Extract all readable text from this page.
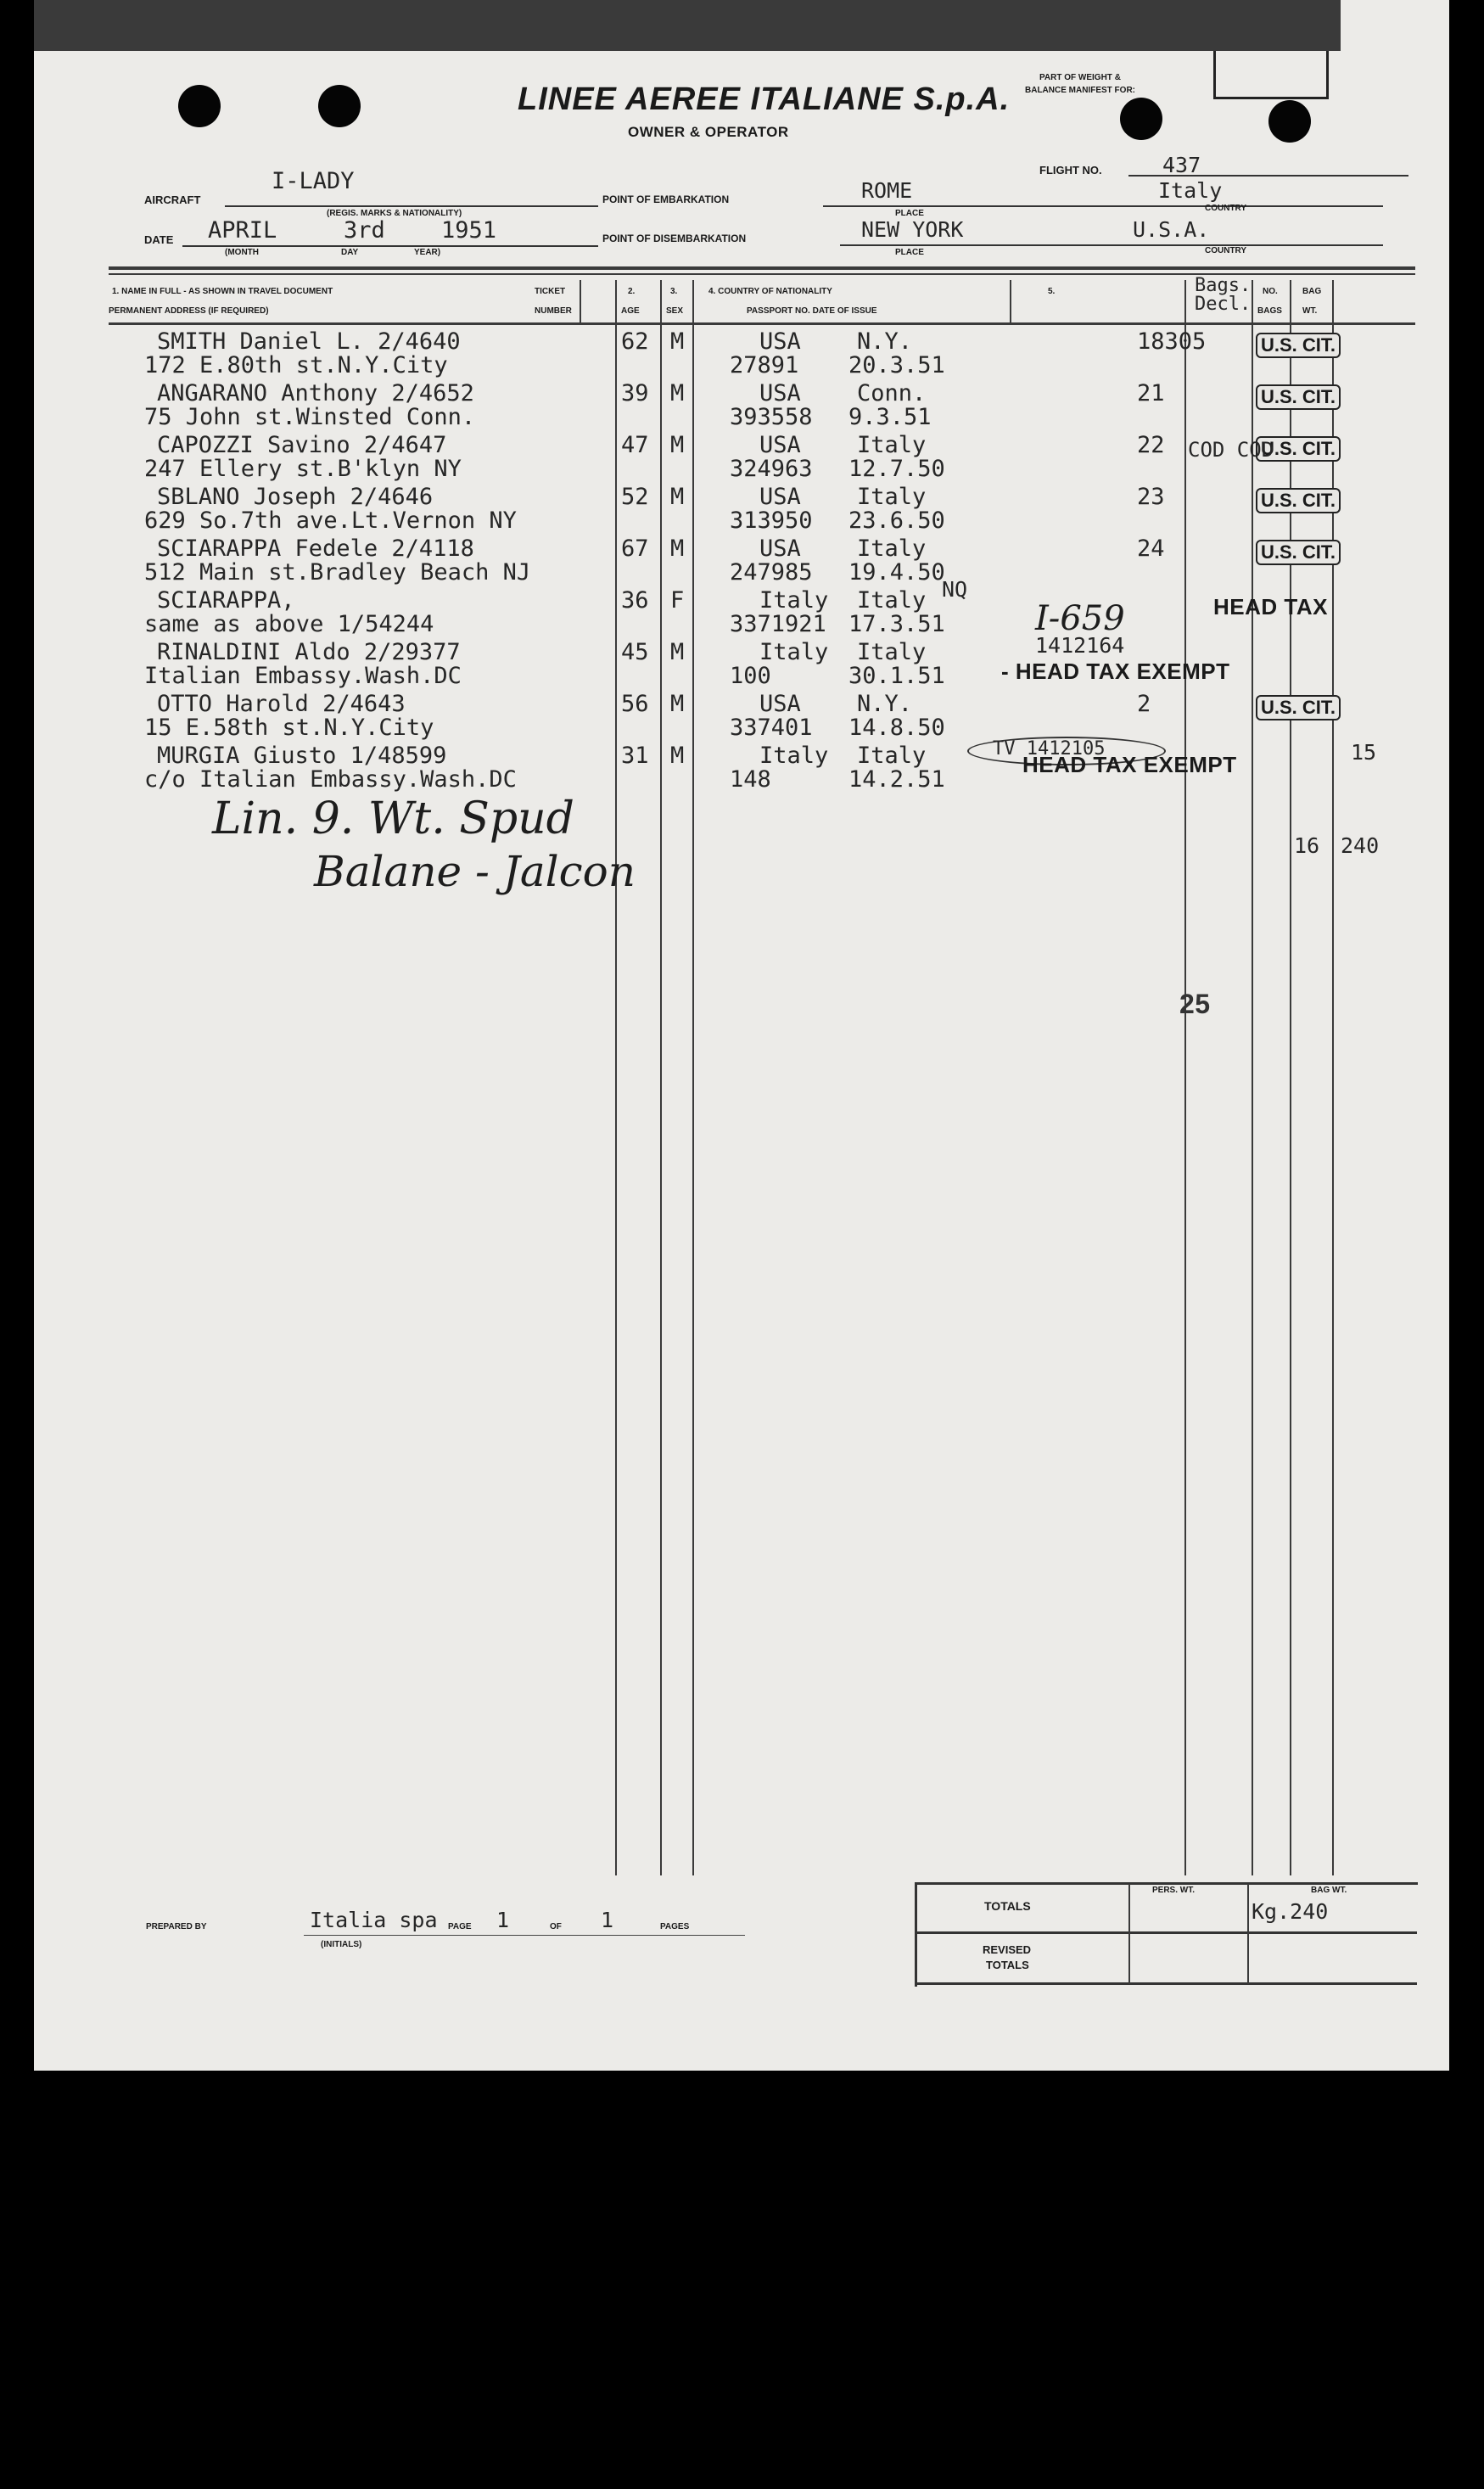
LINEE AEREE ITALIANE S.p.A.
OWNER & OPERATOR
PART OF WEIGHT &
BALANCE MANIFEST FOR:
AIRCRAFT
I-LADY
(REGIS. MARKS & NATIONALITY)
DATE APRIL	3rd 1951
(MONTH	DAY	YEAR)
POINT OF EMBARKATION	ROME	Italy
PLACE
COUNTRY
POINT OF DISEMBARKATION	NEW YORK	U.S.A.
PLACE	COUNTRY
FLIGHT NO.	437
1. NAME IN FULL - AS SHOWN IN TRAVEL DOCUMENT
PERMANENT ADDRESS (IF REQUIRED)
TICKET
NUMBER
2.
AGE
3.
SEX
4. COUNTRY OF NATIONALITY
PASSPORT NO. DATE OF ISSUE
5.	Bags. Decl.
NO.
BAGS
BAG
WT.
SMITH Daniel L. 2/4640
172 E.80th st.N.Y.City
62 M	USA N.Y.
27891 20.3.51
18305	U.S. CIT.
ANGARANO Anthony 2/4652
75 John st.Winsted Conn.
39 M	USA Conn.
393558 9.3.51
21	U.S. CIT.
CAPOZZI Savino 2/4647
247 Ellery st.B'klyn NY
47 M	USA Italy
324963 12.7.50
22	U.S. CIT.
SBLANO Joseph 2/4646
629 So.7th ave.Lt.Vernon NY
52 M	USA Italy
313950 23.6.50
23	U.S. CIT.
SCIARAPPA Fedele 2/4118
512 Main st.Bradley Beach NJ
67 M	USA Italy
247985 19.4.50
24	U.S. CIT.
SCIARAPPA,
same as above 1/54244
36 F	Italy Italy
3371921 17.3.51
RINALDINI Aldo 2/29377
Italian Embassy.Wash.DC
45 M	Italy Italy
100	30.1.51
OTTO Harold 2/4643
15 E.58th st.N.Y.City
56 M	USA N.Y.
337401 14.8.50
2	U.S. CIT.
MURGIA Giusto 1/48599
c/o Italian Embassy.Wash.DC
31 M	Italy Italy
148	14.2.51
COD COD
NQ
I-659	HEAD TAX
1412164
- HEAD TAX EXEMPT
TV 1412105
HEAD TAX EXEMPT	15
16 240
25
Lin. 9. Wt. Spud
Balane - Jalcon
PREPARED BY	Italia spa
(INITIALS)
PAGE 1	OF 1	PAGES
TOTALS
REVISED
TOTALS
PERS. WT.	BAG WT.
Kg.240
